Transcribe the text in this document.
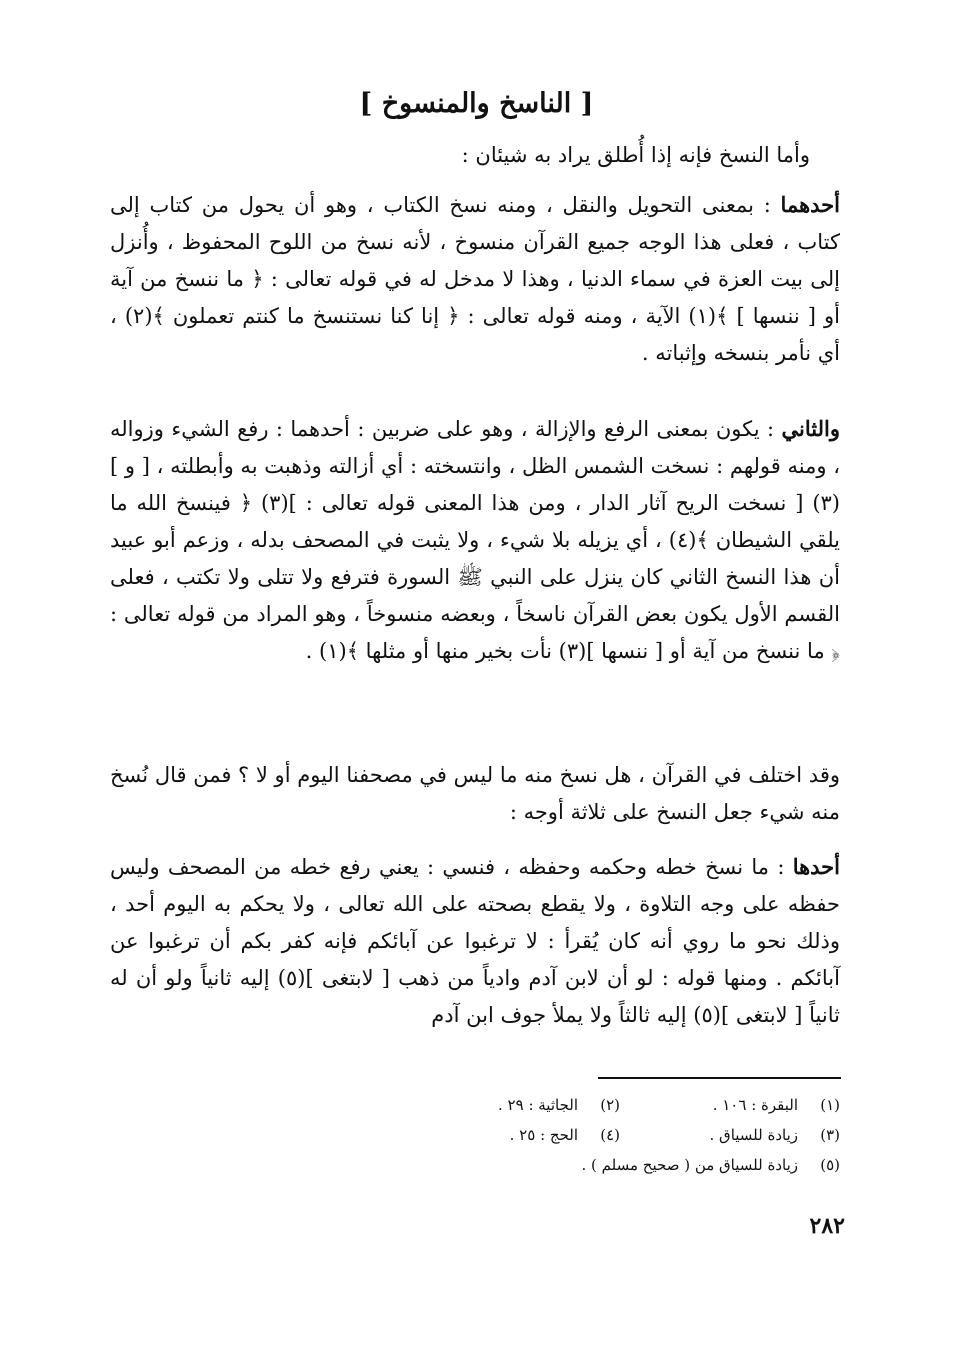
[ الناسخ والمنسوخ ]

وأما النسخ فإنه إذا أُطلق يراد به شيئان :

أحدهما : بمعنى التحويل والنقل ، ومنه نسخ الكتاب ، وهو أن يحول من كتاب إلى كتاب ، فعلى هذا الوجه جميع القرآن منسوخ ، لأنه نسخ من اللوح المحفوظ ، وأُنزل إلى بيت العزة في سماء الدنيا ، وهذا لا مدخل له في قوله تعالى : ﴿ ما ننسخ من آية أو [ ننسها ] ﴾(١) الآية ، ومنه قوله تعالى : ﴿ إنا كنا نستنسخ ما كنتم تعملون ﴾(٢) ، أي نأمر بنسخه وإثباته .

والثاني : يكون بمعنى الرفع والإزالة ، وهو على ضربين : أحدهما : رفع الشيء وزواله ، ومنه قولهم : نسخت الشمس الظل ، وانتسخته : أي أزالته وذهبت به وأبطلته ، [ و ](٣) [ نسخت الريح آثار الدار ، ومن هذا المعنى قوله تعالى : ](٣) ﴿ فينسخ الله ما يلقي الشيطان ﴾(٤) ، أي يزيله بلا شيء ، ولا يثبت في المصحف بدله ، وزعم أبو عبيد أن هذا النسخ الثاني كان ينزل على النبي ﷺ السورة فترفع ولا تتلى ولا تكتب ، فعلى القسم الأول يكون بعض القرآن ناسخاً ، وبعضه منسوخاً ، وهو المراد من قوله تعالى : ﴿ ما ننسخ من آية أو [ ننسها ](٣) نأت بخير منها أو مثلها ﴾(١) .

وقد اختلف في القرآن ، هل نسخ منه ما ليس في مصحفنا اليوم أو لا ؟ فمن قال نُسخ منه شيء جعل النسخ على ثلاثة أوجه :

أحدها : ما نسخ خطه وحكمه وحفظه ، فنسي : يعني رفع خطه من المصحف وليس حفظه على وجه التلاوة ، ولا يقطع بصحته على الله تعالى ، ولا يحكم به اليوم أحد ، وذلك نحو ما روي أنه كان يُقرأ : لا ترغبوا عن آبائكم فإنه كفر بكم أن ترغبوا عن آبائكم . ومنها قوله : لو أن لابن آدم وادياً من ذهب [ لابتغى ](٥) إليه ثانياً ولو أن له ثانياً [ لابتغى ](٥) إليه ثالثاً ولا يملأ جوف ابن آدم

(١)البقرة : ١٠٦ .
(٢)الجاثية : ٢٩ .
(٣)زيادة للسياق .
(٤)الحج : ٢٥ .
(٥)زيادة للسياق من ( صحيح مسلم ) .
٢٨٢
